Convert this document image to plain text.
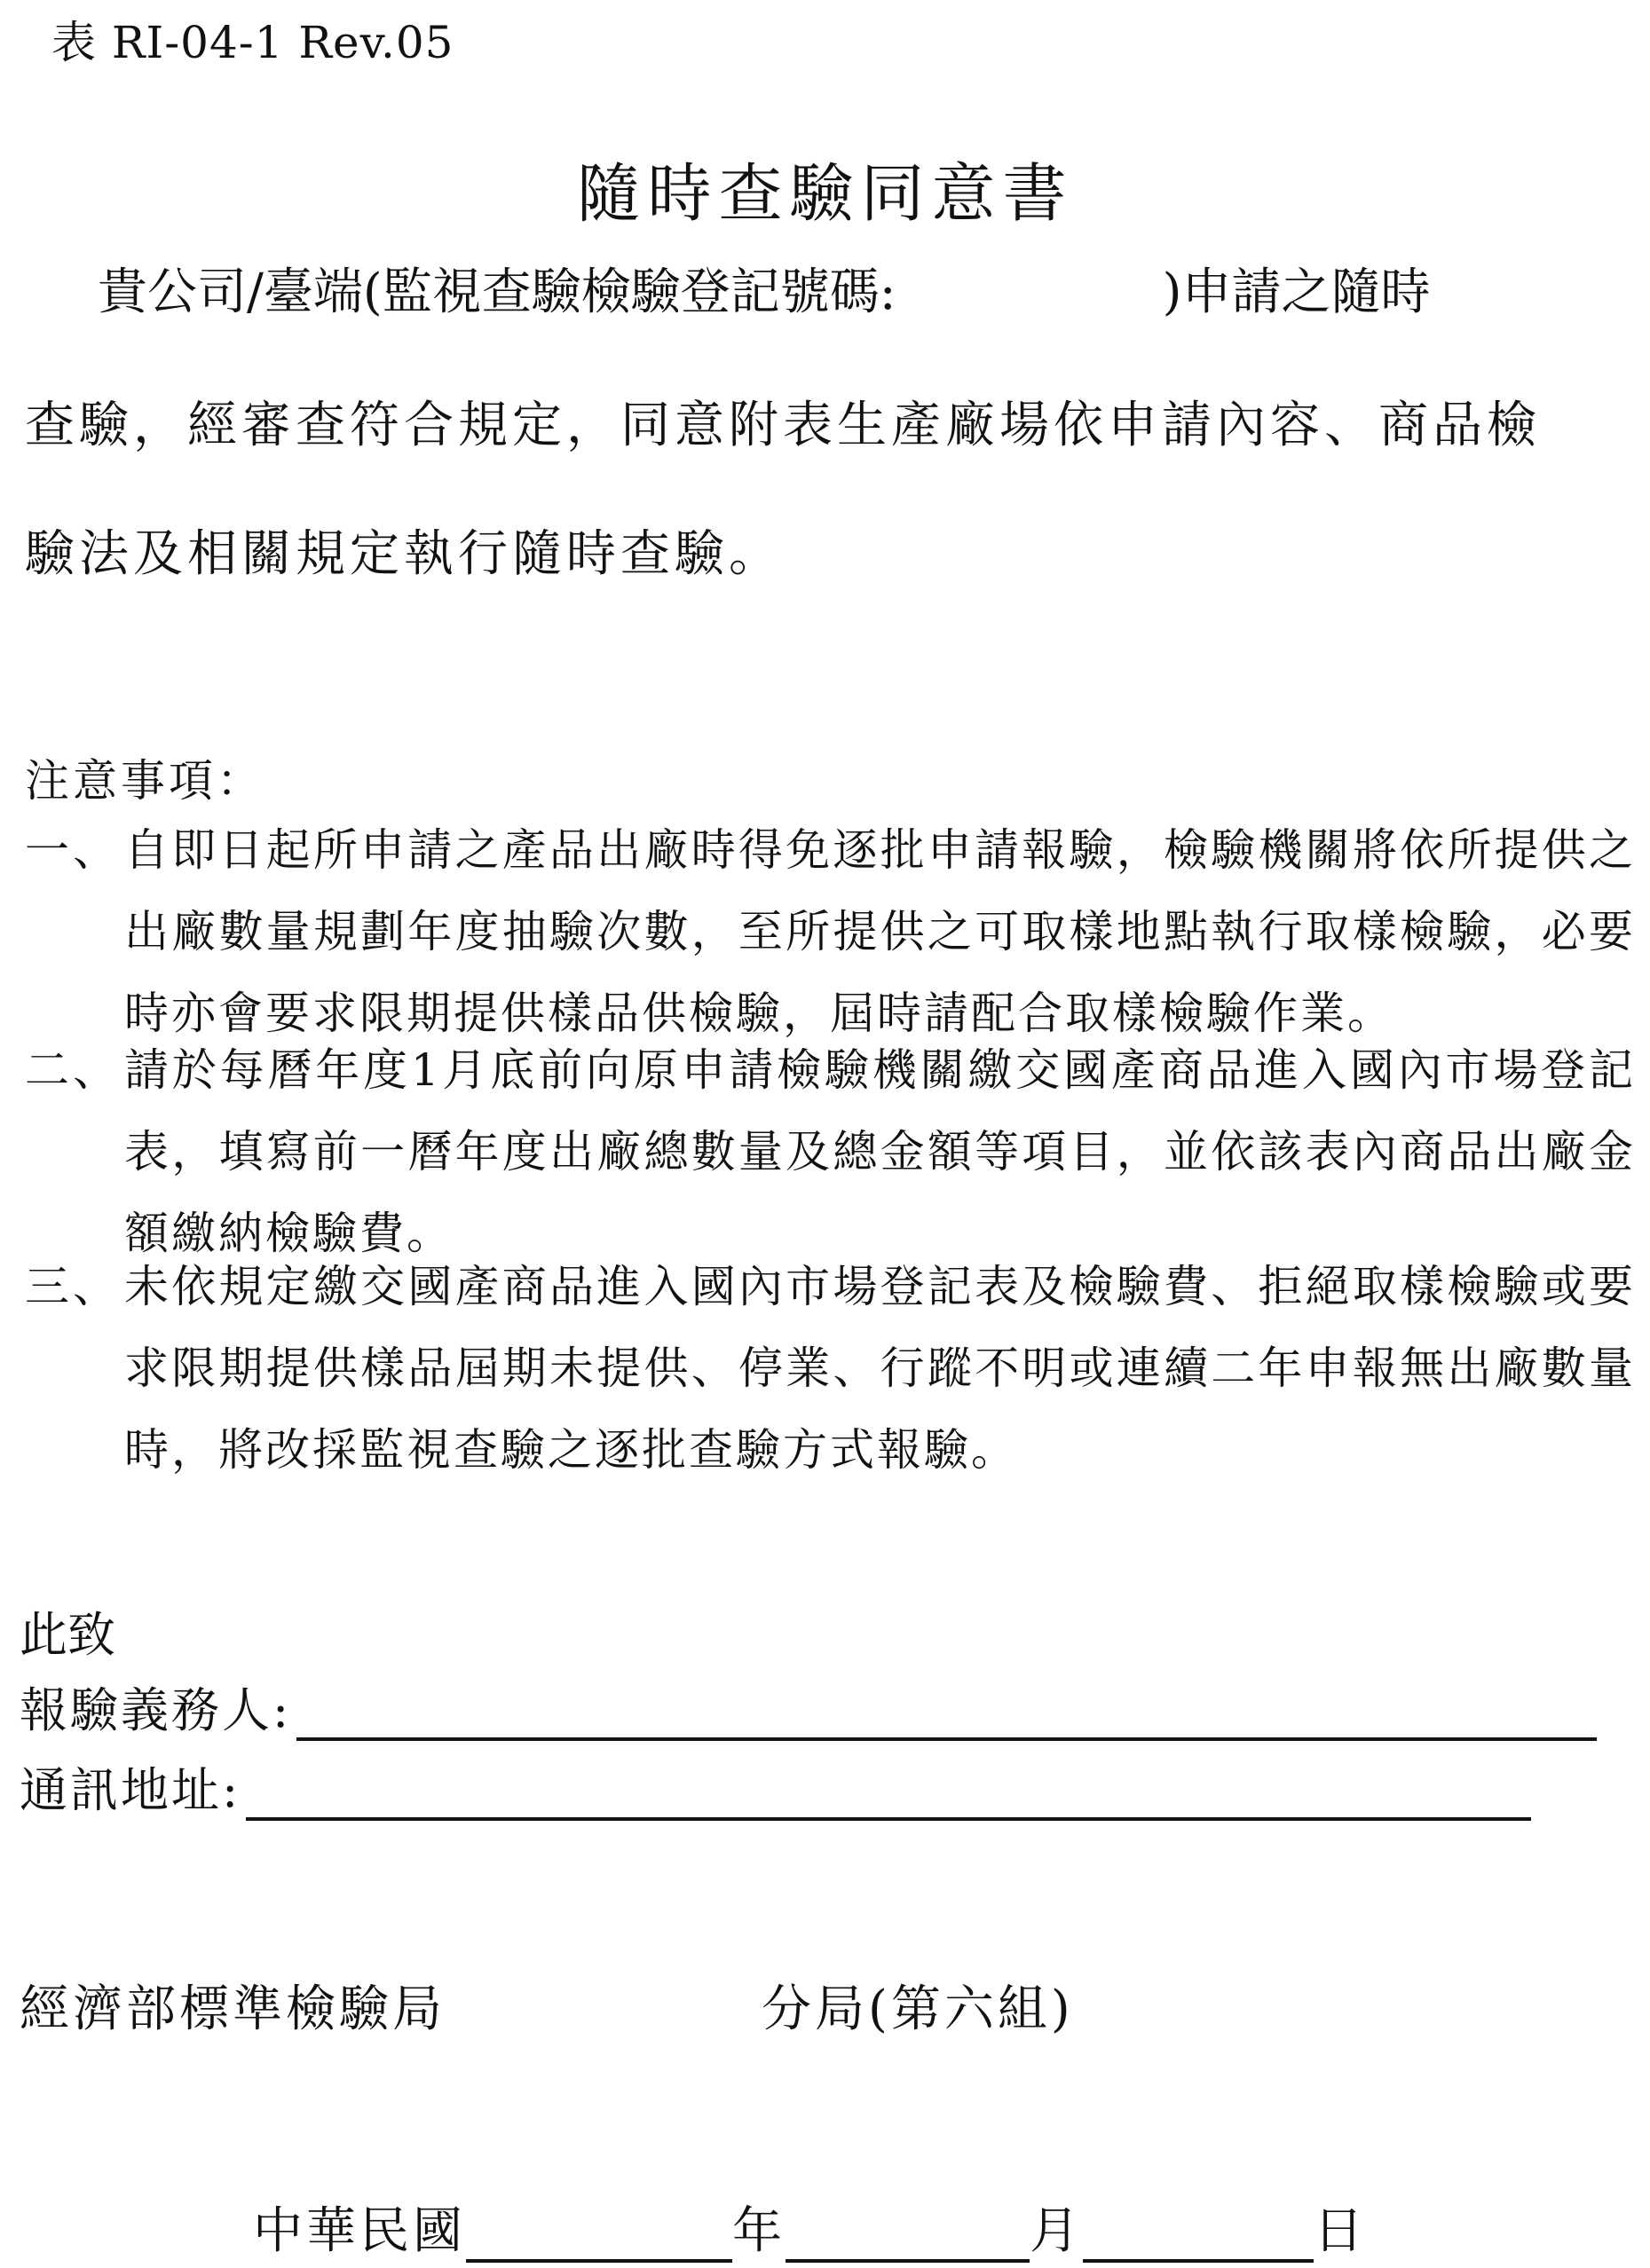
表 RI-04-1 Rev.05
隨時查驗同意書
貴公司/臺端(監視查驗檢驗登記號碼:	)申請之隨時
查驗，經審查符合規定，同意附表生產廠場依申請內容、商品檢
驗法及相關規定執行隨時查驗。
注意事項：
一、 自即日起所申請之產品出廠時得免逐批申請報驗，檢驗機關將依所提供之出廠數量規劃年度抽驗次數，至所提供之可取樣地點執行取樣檢驗，必要時亦會要求限期提供樣品供檢驗，屆時請配合取樣檢驗作業。
二、 請於每曆年度1月底前向原申請檢驗機關繳交國產商品進入國內市場登記表，填寫前一曆年度出廠總數量及總金額等項目，並依該表內商品出廠金額繳納檢驗費。
三、 未依規定繳交國產商品進入國內市場登記表及檢驗費、拒絕取樣檢驗或要求限期提供樣品屆期未提供、停業、行蹤不明或連續二年申報無出廠數量時，將改採監視查驗之逐批查驗方式報驗。
此致
報驗義務人:
通訊地址:
經濟部標準檢驗局	分局(第六組)
中華民國	年	月	日
